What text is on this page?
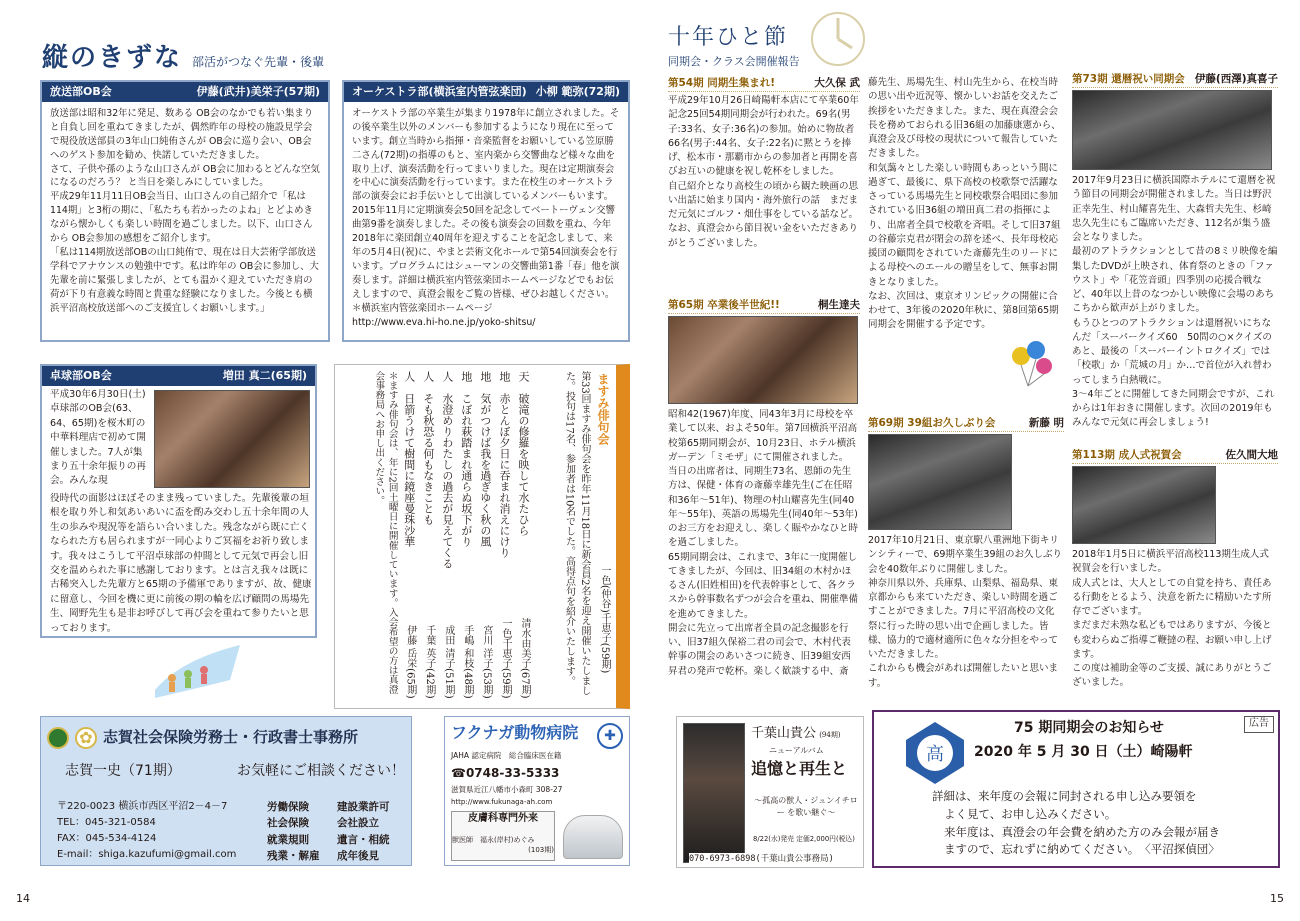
縦のきずな 部活がつなぐ先輩・後輩
放送部OB会	伊藤(武井)美栄子(57期)
放送部は昭和32年に発足、数ある OB会のなかでも若い集まりと自負し回を重ねてきましたが、偶然昨年の母校の施設見学会で現役放送部員の3年山口純侑さんが OB会に巡り会い、OB会へのゲスト参加を勧め、快諾していただきました。
さて、子供や孫のような山口さんが OB会に加わるとどんな空気になるのだろう？ と当日を楽しみにしていました。
平成29年11月11日OB会当日、山口さんの自己紹介で「私は114期」と3桁の期に、「私たちも若かったのよね」とどよめきながら懐かしくも楽しい時間を過ごしました。以下、山口さんから OB会参加の感想をご紹介します。
「私は114期放送部OBの山口純侑で、現在は日大芸術学部放送学科でアナウンスの勉強中です。私は昨年の OB会に参加し、大先輩を前に緊張しましたが、とても温かく迎えていただき肩の荷が下り有意義な時間と貴重な経験になりました。今後とも横浜平沼高校放送部へのご支援宜しくお願いします。」
オーケストラ部(横浜室内管弦楽団) 小柳 範弥(72期)
オーケストラ部の卒業生が集まり1978年に創立されました。その後卒業生以外のメンバーも参加するようになり現在に至っています。創立当時から指揮・音楽監督をお願いしている笠原勝二さん(72期)の指導のもと、室内楽から交響曲など様々な曲を取り上げ、演奏活動を行ってまいりました。現在は定期演奏会を中心に演奏活動を行っています。また在校生のオーケストラ部の演奏会にお手伝いとして出演しているメンバーもいます。
2015年11月に定期演奏会50回を記念してベートーヴェン交響曲第9番を演奏しました。その後も演奏会の回数を重ね、今年2018年に楽団創立40周年を迎えすることを記念しまして、来年の5月4日(祝)に、やまと芸術文化ホールで第54回演奏会を行います。プログラムにはシューマンの交響曲第1番「春」他を演奏します。詳細は横浜室内管弦楽団ホームページなどでもお伝えしますので、真澄会報をご覧の皆様、ぜひお越しください。
＊横浜室内管弦楽団ホームページ
http://www.eva.hi-ho.ne.jp/yoko-shitsu/
卓球部OB会	増田 真二(65期)
平成30年6月30日(土)卓球部のOB会(63、64、65期)を桜木町の中華料理店で初めて開催しました。7人が集まり五十余年振りの再会。みんな現
役時代の面影はほぼそのまま残っていました。先輩後輩の垣根を取り外し和気あいあいに盃を酌み交わし五十余年間の人生の歩みや現況等を語らい合いました。残念ながら既に亡くなられた方も居られますが一同心よりご冥福をお祈り致します。我々はこうして平沼卓球部の仲間として元気で再会し旧交を温められた事に感謝しております。とは言え我々は既に古稀突入した先輩方と65期の予備軍でありますが、故、健康に留意し、今回を機に更に前後の期の輪を広げ顧問の馬場先生、岡野先生も是非お呼びして再び会を重ねて参りたいと思っております。
ますみ俳句会
一色(仲谷)千恵子(59期)
第33回ますみ俳句会を昨年11月18日に新会員2名を迎え開催いたしました。投句は17名、参加者は10名でした。高得点句を紹介いたします。
天　破滝の修羅を映して水たひら
清水由美子(67期)
地　赤とんぼ夕日に吞まれ消えにけり
一色千恵子(59期)
地　気がつけば我を過ぎゆく秋の風
宮川 洋子(53期)
地　こぼれ萩踏まれ通らぬ坂下がり
手嶋 和枝(48期)
人　水澄めりわたしの過去が見えてくる
成田 清子(51期)
人　そも秋恐る何もなきことも
千葉 英子(42期)
人　日箭うけて樹間に鏡座曼珠沙華
伊藤 岳栄(65期)
＊ますみ俳句会は、年に2回土曜日に開催しています。入会希望の方は真澄会事務局へお申し出ください。
✿ 志賀社会保険労務士・行政書士事務所
志賀一史（71期）	お気軽にご相談ください！
〒220-0023 横浜市西区平沼2－4－7
TEL：045-321-0584
FAX：045-534-4124
E-mail：shiga.kazufumi@gmail.com
労働保険	建設業許可
社会保険	会社設立
就業規則	遺言・相続
残業・解雇	成年後見
フクナガ動物病院	✚
JAHA 認定病院　総合臨床医在籍
☎0748-33-5333
滋賀県近江八幡市小森町 308-27
http://www.fukunaga-ah.com
皮膚科専門外来
獣医師　福永(岸村)めぐみ
(103期)
14
十年ひと節
同期会・クラス会開催報告
第54期 同期生集まれ!	大久保 武
平成29年10月26日崎陽軒本店にて卒業60年記念25回54期同期会が行われた。69名(男子:33名、女子:36名)の参加。始めに物故者66名(男子:44名、女子:22名)に黙とうを捧げ、松本市・那覇市からの参加者と再開を喜びお互いの健康を祝し乾杯をしました。
自己紹介となり高校生の頃から観た映画の思い出話に始まり国内・海外旅行の話　まだまだ元気にゴルフ・畑仕事をしている話など。
なお、真澄会から節目祝い金をいただきありがとうございました。
第65期 卒業後半世紀!!	桐生達夫
昭和42(1967)年度、同43年3月に母校を卒業して以来、およそ50年。第7回横浜平沼高校第65期同期会が、10月23日、ホテル横浜ガーデン「ミモザ」にて開催されました。
当日の出席者は、同期生73名、恩師の先生方は、保健・体育の斎藤幸雄先生(ご在任昭和36年～51年)、物理の村山耀喜先生(同40年～55年)、英語の馬場先生(同40年～53年)のお三方をお迎えし、楽しく賑やかなひと時を過ごしました。
65期同期会は、これまで、3年に一度開催してきましたが、今回は、旧34組の木村かほるさん(旧姓相田)を代表幹事として、各クラスから幹事数名ずつが会合を重ね、開催準備を進めてきました。
開会に先立って出席者全員の記念撮影を行い、旧37組久保裕二君の司会で、木村代表幹事の開会のあいさつに続き、旧39組安西昇君の発声で乾杯。楽しく歓談する中、斎
藤先生、馬場先生、村山先生から、在校当時の思い出や近況等、懐かしいお話を交えたご挨拶をいただきました。また、現在真澄会会長を務めておられる旧36組の加藤康憲から、真澄会及び母校の現状について報告していただきました。
和気藹々とした楽しい時間もあっという間に過ぎて、最後に、県下高校の校歌祭で活躍なさっている馬場先生と同校歌祭合唱団に参加されている旧36組の増田真二君の指揮により、出席者全員で校歌を斉唱。そして旧37組の谷藤宗克君が閉会の辞を述べ、長年母校応援団の顧問をされていた斎藤先生のリードによる母校へのエールの贈呈をして、無事お開きとなりました。
なお、次回は、東京オリンピックの開催に合わせて、3年後の2020年秋に、第8回第65期同期会を開催する予定です。
第69期 39組お久しぶり会	新藤 明
2017年10月21日、東京駅八重洲地下街キリンシティーで、69期卒業生39組のお久しぶり会を40数年ぶりに開催しました。
神奈川県以外、兵庫県、山梨県、福島県、東京都からも来ていただき、楽しい時間を過ごすことができました。7月に平沼高校の文化祭に行った時の思い出で企画しました。皆様、協力的で適材適所に色々な分担をやっていただきました。
これからも機会があれば開催したいと思います。
第73期 還暦祝い同期会 伊藤(西澤)真喜子
2017年9月23日に横浜国際ホテルにて還暦を祝う節目の同期会が開催されました。当日は野沢正幸先生、村山耀喜先生、大森哲夫先生、杉崎忠久先生にもご臨席いただき、112名が集う盛会となりました。
最初のアトラクションとして昔の8ミリ映像を編集したDVDが上映され、体育祭のときの「ファウスト」や「花笠音頭」四季別の応援合戦など、40年以上昔のなつかしい映像に会場のあちこちから歓声が上がりました。
もうひとつのアトラクションは還暦祝いにちなんだ「スーパークイズ60　50問の○×クイズのあと、最後の「スーパーイントロクイズ」では「校歌」か「荒城の月」か…で首位が入れ替わってしまう白熱戦に。
3～4年ごとに開催してきた同期会ですが、これからは1年おきに開催します。次回の2019年もみんなで元気に再会しましょう!
第113期 成人式祝賀会	佐久間大地
2018年1月5日に横浜平沼高校113期生成人式祝賀会を行いました。
成人式とは、大人としての自覚を持ち、責任ある行動をとるよう、決意を新たに精励いたす所存でございます。
まだまだ未熟な私どもではありますが、今後とも変わらぬご指導ご鞭撻の程、お願い申し上げます。
この度は補助金等のご支援、誠にありがとうございました。
千葉山貴公 (94期)
ニューアルバム
追憶と再生と
～孤高の獣人・ジュンイチロー を歌い継ぐ～
8/22(水)発売 定価2,000円(税込)
070-6973-6898(千葉山貴公事務局)
広告
高
75 期同期会のお知らせ
2020 年 5 月 30 日（土）崎陽軒
詳細は、来年度の会報に同封される申し込み要領を
よく見て、お申し込みください。
来年度は、真澄会の年会費を納めた方のみ会報が届き
ますので、忘れずに納めてください。　 〈平沼探偵団〉
15
